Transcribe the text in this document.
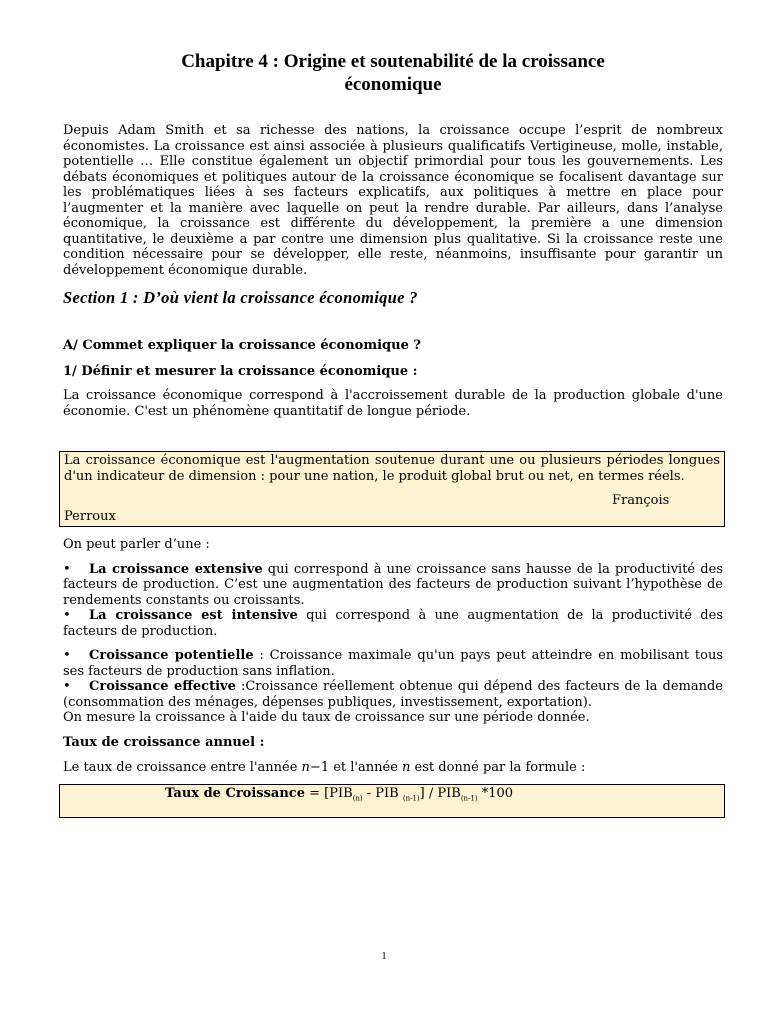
Chapitre 4 : Origine et soutenabilité de la croissance
économique

Depuis Adam Smith et sa richesse des nations, la croissance occupe l’esprit de nombreux économistes. La croissance est ainsi associée à plusieurs qualificatifs Vertigineuse, molle, instable, potentielle … Elle constitue également un objectif primordial pour tous les gouvernements. Les débats économiques et politiques autour de la croissance économique se focalisent davantage sur les problématiques liées à ses facteurs explicatifs, aux politiques à mettre en place pour l’augmenter et la manière avec laquelle on peut la rendre durable. Par ailleurs, dans l’analyse économique, la croissance est différente du développement, la première a une dimension quantitative, le deuxième a par contre une dimension plus qualitative. Si la croissance reste une condition nécessaire pour se développer, elle reste, néanmoins, insuffisante pour garantir un développement économique durable.

Section 1 : D’où vient la croissance économique ?

A/ Commet expliquer la croissance économique ?

1/ Définir et mesurer la croissance économique :

La croissance économique correspond à l'accroissement durable de la production globale d'une économie. C'est un phénomène quantitatif de longue période.

La croissance économique est l'augmentation soutenue durant une ou plusieurs périodes longues d'un indicateur de dimension : pour une nation, le produit global brut ou net, en termes réels.

François

Perroux

On peut parler d’une :

• La croissance extensive qui correspond à une croissance sans hausse de la productivité des facteurs de production. C’est une augmentation des facteurs de production suivant l’hypothèse de rendements constants ou croissants.

• La croissance est intensive qui correspond à une augmentation de la productivité des facteurs de production.

• Croissance potentielle : Croissance maximale qu'un pays peut atteindre en mobilisant tous ses facteurs de production sans inflation.

• Croissance effective :Croissance réellement obtenue qui dépend des facteurs de la demande (consommation des ménages, dépenses publiques, investissement, exportation).

On mesure la croissance à l'aide du taux de croissance sur une période donnée.

Taux de croissance annuel :

Le taux de croissance entre l'année n−1 et l'année n est donné par la formule :

Taux de Croissance = [$PIB_{(n)}$ - PIB $_{(n-1)}] / PIB_{(n-1)}$ *100
1
